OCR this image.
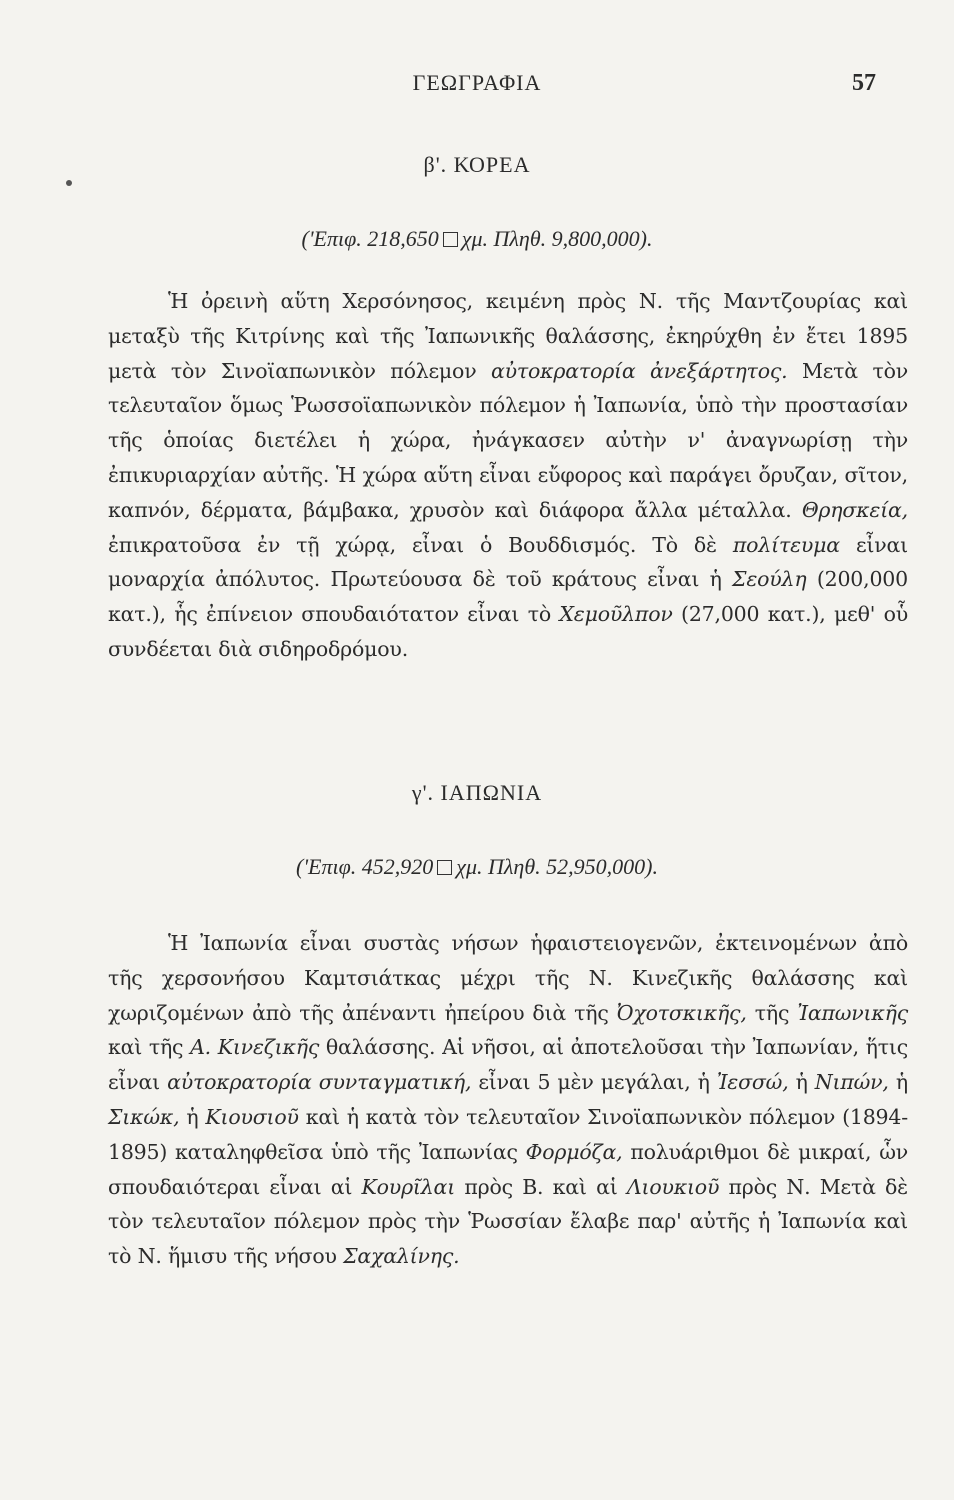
ΓΕΩΓΡΑΦΙΑ	57
β'. ΚΟΡΕΑ
('Επιφ. 218,650 χμ. Πληθ. 9,800,000).
Ἡ ὀρεινὴ αὕτη Χερσόνησος, κειμένη πρὸς Ν. τῆς Μαντζουρίας καὶ μεταξὺ τῆς Κιτρίνης καὶ τῆς Ἰαπωνικῆς θαλάσσης, ἐκηρύχθη ἐν ἔτει 1895 μετὰ τὸν Σινοϊαπωνικὸν πόλεμον αὐτοκρατορία ἀνεξάρτητος. Μετὰ τὸν τελευταῖον ὅμως Ῥωσσοϊαπωνικὸν πόλεμον ἡ Ἰαπωνία, ὑπὸ τὴν προστασίαν τῆς ὁποίας διετέλει ἡ χώρα, ἠνάγκασεν αὐτὴν ν' ἀναγνωρίσῃ τὴν ἐπικυριαρχίαν αὐτῆς. Ἡ χώρα αὕτη εἶναι εὔφορος καὶ παράγει ὄρυζαν, σῖτον, καπνόν, δέρματα, βάμβακα, χρυσὸν καὶ διάφορα ἄλλα μέταλλα. Θρησκεία, ἐπικρατοῦσα ἐν τῇ χώρᾳ, εἶναι ὁ Βουδδισμός. Τὸ δὲ πολίτευμα εἶναι μοναρχία ἀπόλυτος. Πρωτεύουσα δὲ τοῦ κράτους εἶναι ἡ Σεούλη (200,000 κατ.), ἧς ἐπίνειον σπουδαιότατον εἶναι τὸ Χεμοῦλπον (27,000 κατ.), μεθ' οὗ συνδέεται διὰ σιδηροδρόμου.
γ'. ΙΑΠΩΝΙΑ
('Επιφ. 452,920 χμ. Πληθ. 52,950,000).
Ἡ Ἰαπωνία εἶναι συστὰς νήσων ἡφαιστειογενῶν, ἐκτεινομένων ἀπὸ τῆς χερσονήσου Καμτσιάτκας μέχρι τῆς Ν. Κινεζικῆς θαλάσσης καὶ χωριζομένων ἀπὸ τῆς ἀπέναντι ἠπείρου διὰ τῆς Ὀχοτσκικῆς, τῆς Ἰαπωνικῆς καὶ τῆς Α. Κινεζικῆς θαλάσσης. Αἱ νῆσοι, αἱ ἀποτελοῦσαι τὴν Ἰαπωνίαν, ἥτις εἶναι αὐτοκρατορία συνταγματική, εἶναι 5 μὲν μεγάλαι, ἡ Ἰεσσώ, ἡ Νιπών, ἡ Σικώκ, ἡ Κιουσιοῦ καὶ ἡ κατὰ τὸν τελευταῖον Σινοϊαπωνικὸν πόλεμον (1894-1895) καταληφθεῖσα ὑπὸ τῆς Ἰαπωνίας Φορμόζα, πολυάριθμοι δὲ μικραί, ὧν σπουδαιότεραι εἶναι αἱ Κουρῖλαι πρὸς Β. καὶ αἱ Λιουκιοῦ πρὸς Ν. Μετὰ δὲ τὸν τελευταῖον πόλεμον πρὸς τὴν Ῥωσσίαν ἔλαβε παρ' αὐτῆς ἡ Ἰαπωνία καὶ τὸ Ν. ἥμισυ τῆς νήσου Σαχαλίνης.
